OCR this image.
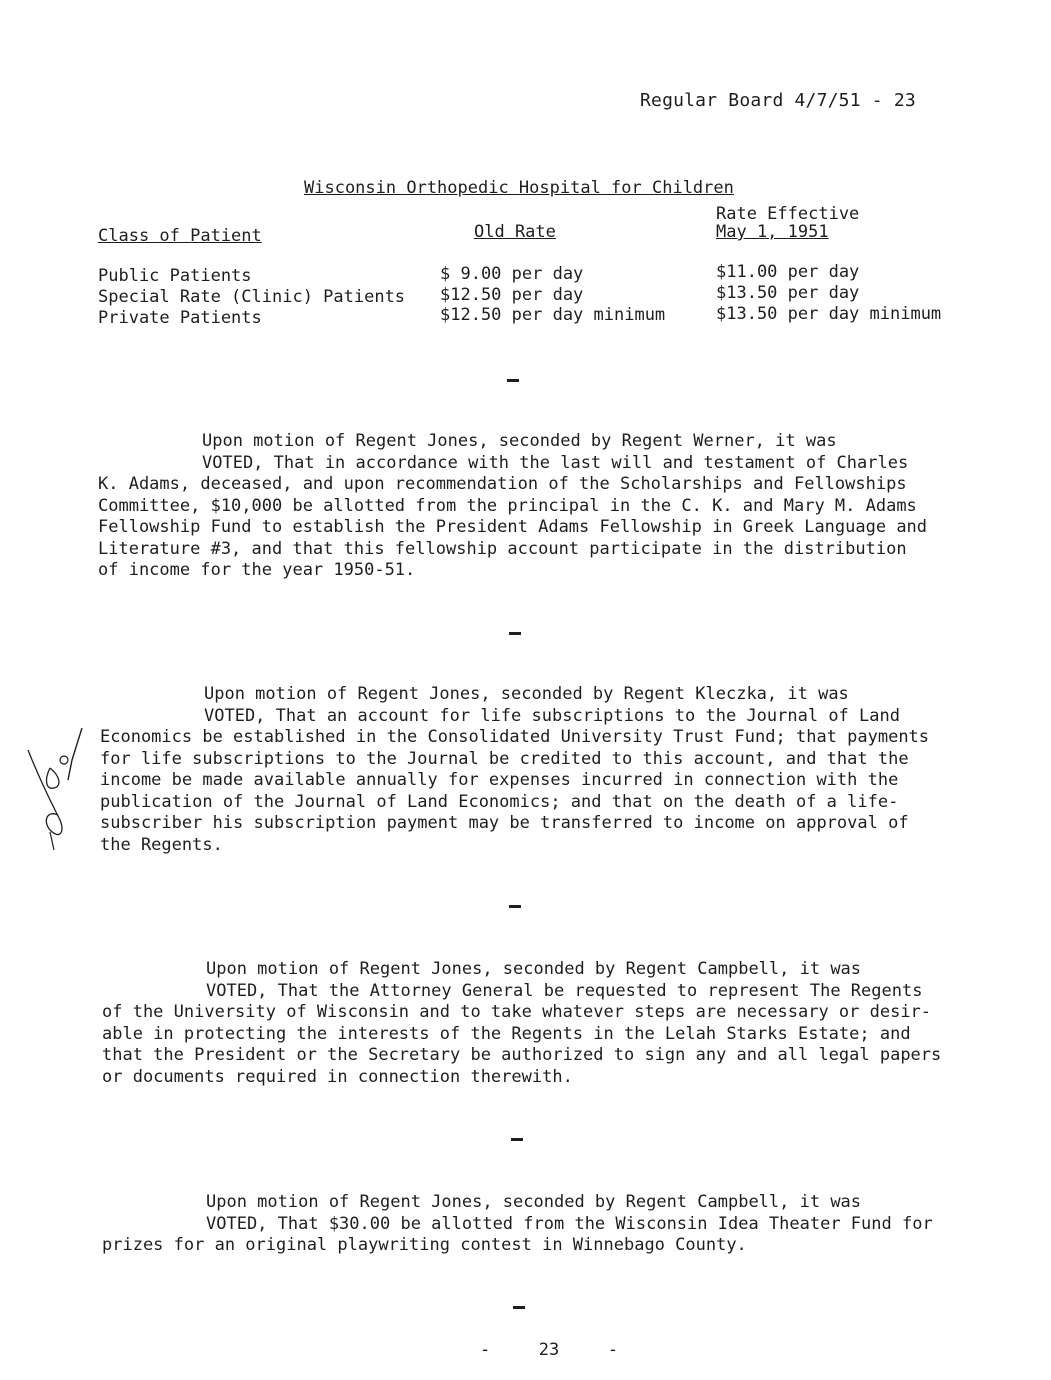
Regular Board 4/7/51 - 23
Wisconsin Orthopedic Hospital for Children
Class of Patient	Old Rate
Rate Effective
May 1, 1951
Public Patients	$ 9.00 per day	$11.00 per day
Special Rate (Clinic) Patients $12.50 per day	$13.50 per day
Private Patients	$12.50 per day minimum	$13.50 per day minimum
Upon motion of Regent Jones, seconded by Regent Werner, it was
VOTED, That in accordance with the last will and testament of Charles
K. Adams, deceased, and upon recommendation of the Scholarships and Fellowships
Committee, $10,000 be allotted from the principal in the C. K. and Mary M. Adams
Fellowship Fund to establish the President Adams Fellowship in Greek Language and
Literature #3, and that this fellowship account participate in the distribution
of income for the year 1950-51.
Upon motion of Regent Jones, seconded by Regent Kleczka, it was
VOTED, That an account for life subscriptions to the Journal of Land
Economics be established in the Consolidated University Trust Fund; that payments
for life subscriptions to the Journal be credited to this account, and that the
income be made available annually for expenses incurred in connection with the
publication of the Journal of Land Economics; and that on the death of a life-
subscriber his subscription payment may be transferred to income on approval of
the Regents.
Upon motion of Regent Jones, seconded by Regent Campbell, it was
VOTED, That the Attorney General be requested to represent The Regents
of the University of Wisconsin and to take whatever steps are necessary or desir-
able in protecting the interests of the Regents in the Lelah Starks Estate; and
that the President or the Secretary be authorized to sign any and all legal papers
or documents required in connection therewith.
Upon motion of Regent Jones, seconded by Regent Campbell, it was
VOTED, That $30.00 be allotted from the Wisconsin Idea Theater Fund for
prizes for an original playwriting contest in Winnebago County.
-	23	-
